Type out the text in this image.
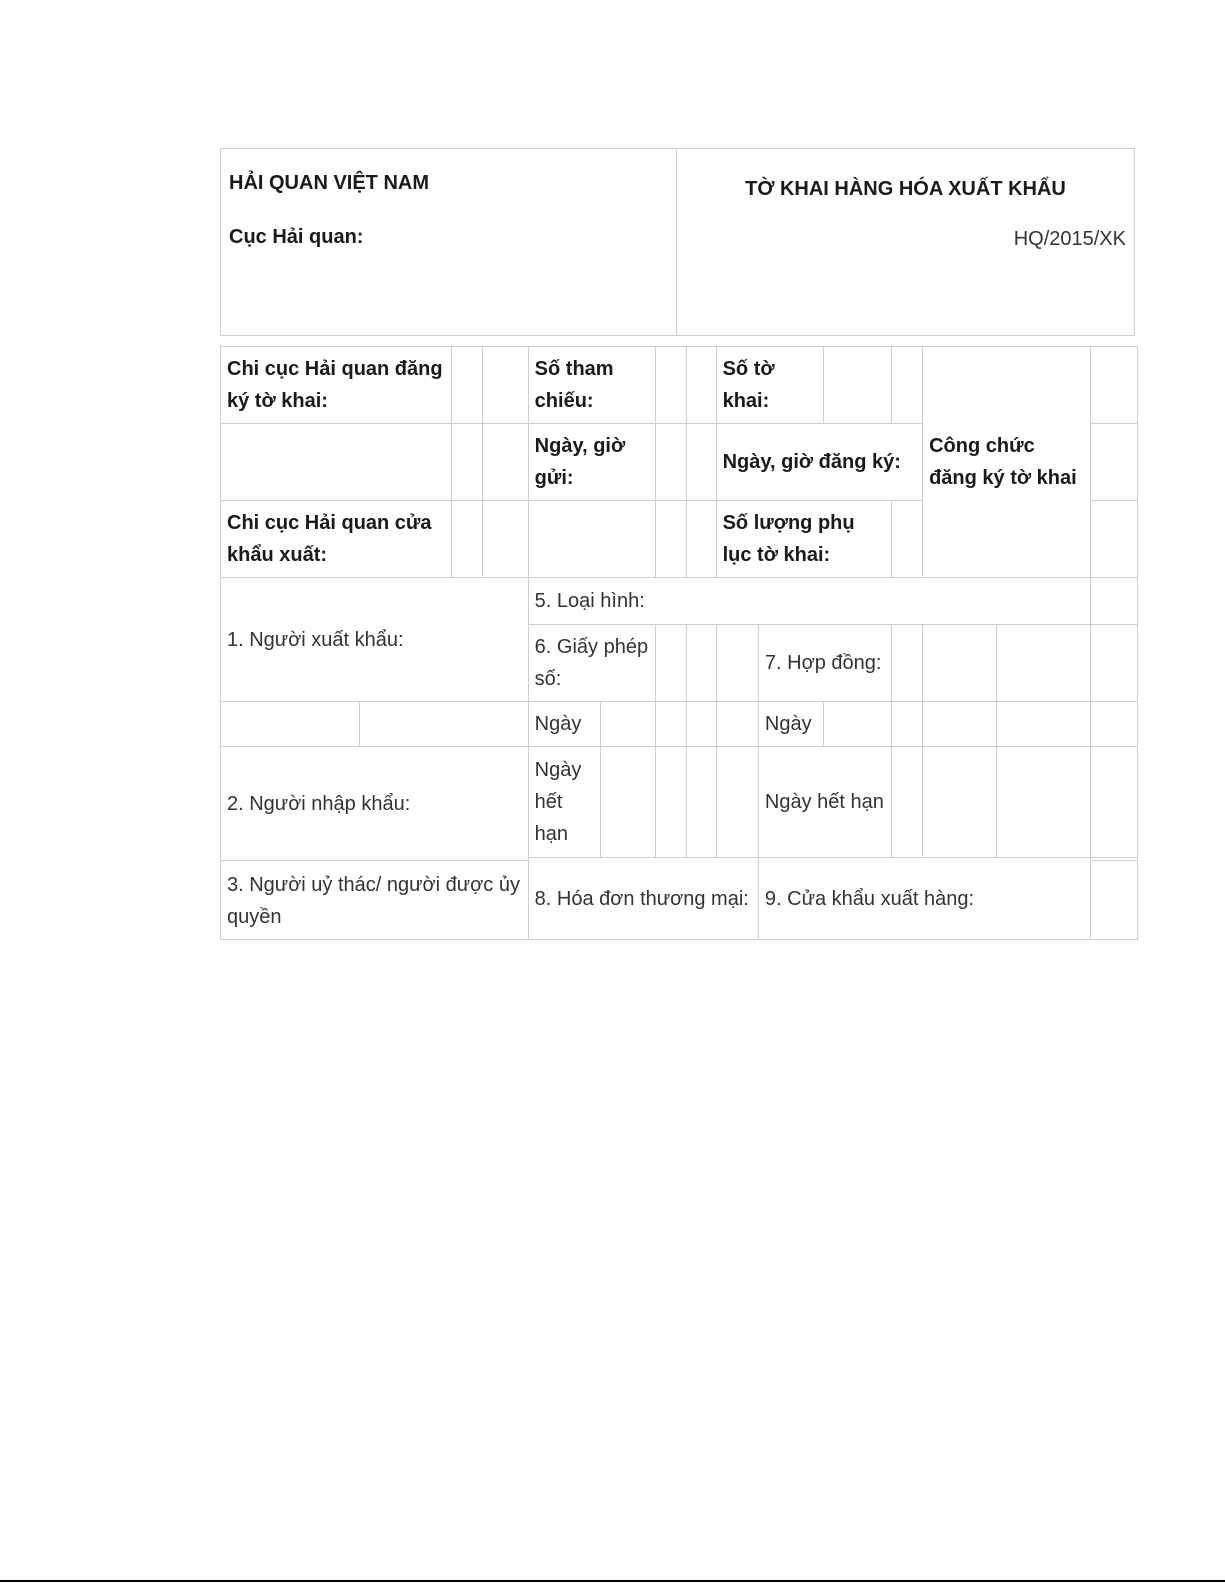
HẢI QUAN VIỆT NAM
Cục Hải quan:	
TỜ KHAI HÀNG HÓA XUẤT KHẨU
HQ/2015/XK
Chi cục Hải quan đăng ký tờ khai:				Số tham chiếu:				Số tờ khai:				Công chức đăng ký tờ khai		
				Ngày, giờ gửi:				Ngày, giờ đăng ký:						
Chi cục Hải quan cửa khẩu xuất:								Số lượng phụ lục tờ khai:						
1. Người xuất khẩu:				5. Loại hình:										
				6. Giấy phép số:					7. Hợp đồng:					
				Ngày					Ngày					
2. Người nhập khẩu:				Ngày hết hạn					Ngày hết hạn					
				8. Hóa đơn thương mại:					9. Cửa khẩu xuất hàng:					
3. Người uỷ thác/ người được ủy quyền														
